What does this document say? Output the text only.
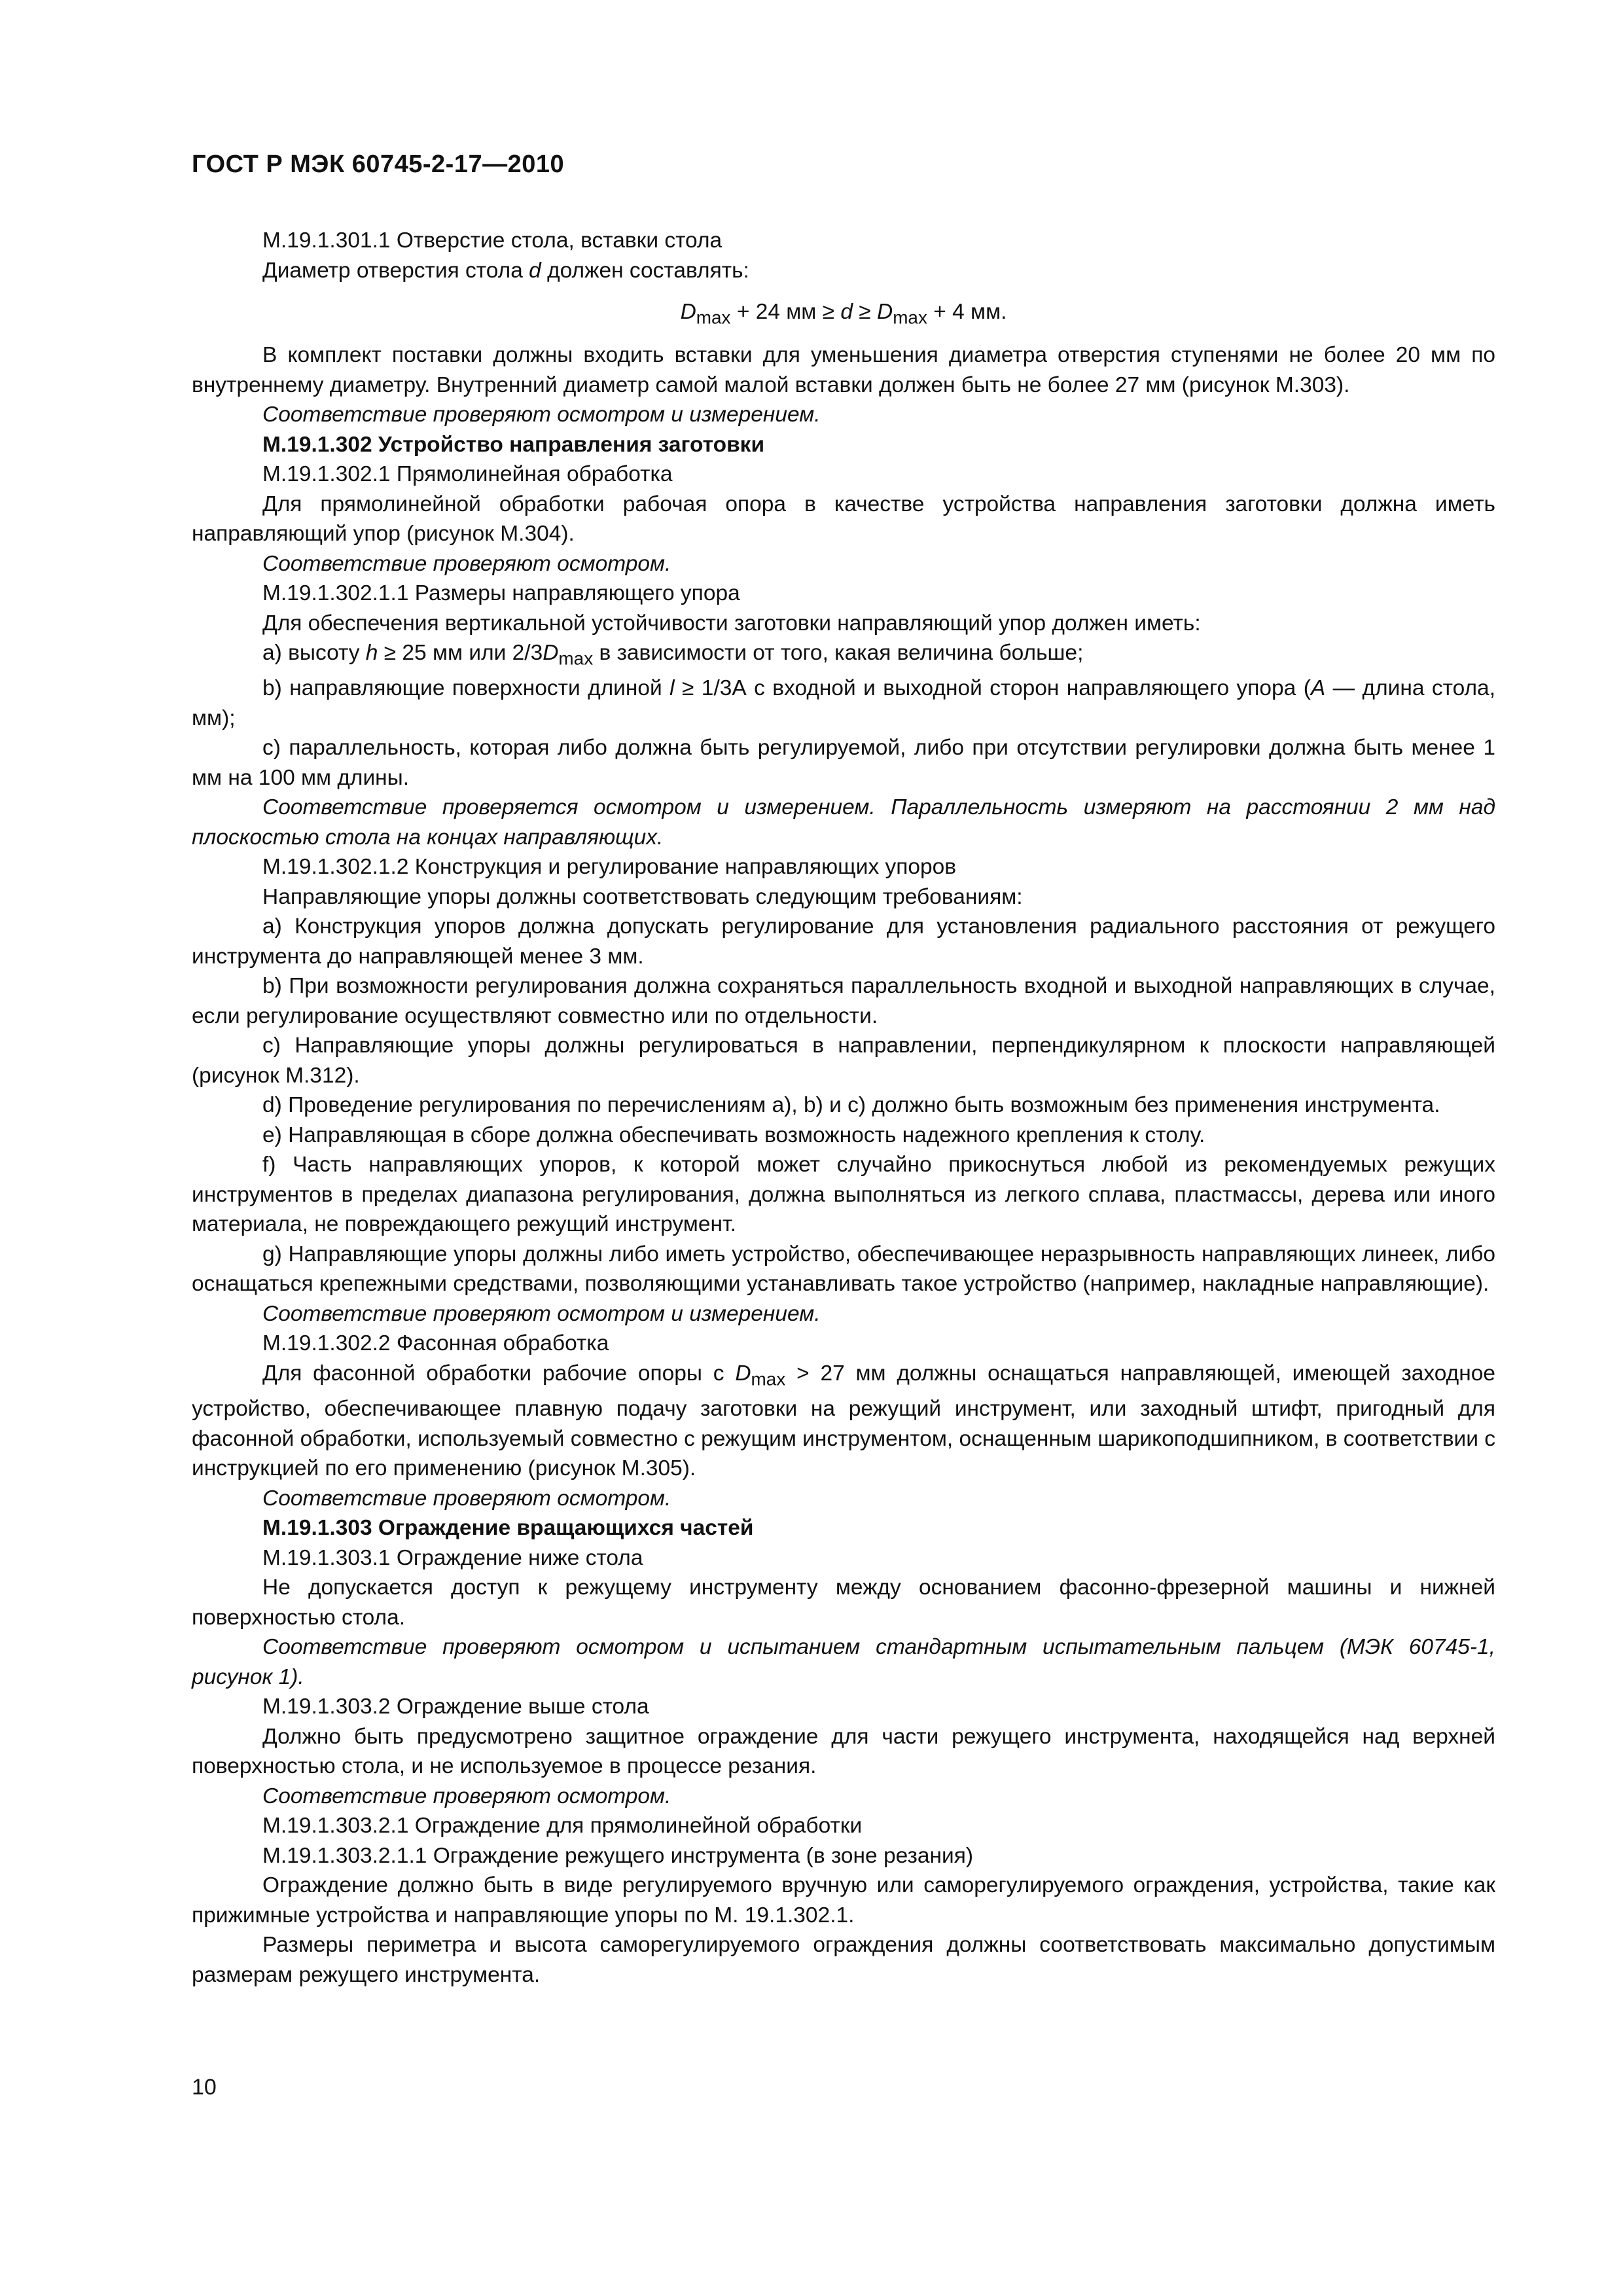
ГОСТ Р МЭК 60745-2-17—2010

М.19.1.301.1 Отверстие стола, вставки стола

Диаметр отверстия стола d должен составлять:

$D_{max} + 24$ мм ≥ $d \ge D_{max} + 4$ мм.

В комплект поставки должны входить вставки для уменьшения диаметра отверстия ступенями не более 20 мм по внутреннему диаметру. Внутренний диаметр самой малой вставки должен быть не более 27 мм (рисунок М.303).

Соответствие проверяют осмотром и измерением.

М.19.1.302 Устройство направления заготовки

М.19.1.302.1 Прямолинейная обработка

Для прямолинейной обработки рабочая опора в качестве устройства направления заготовки должна иметь направляющий упор (рисунок М.304).

Соответствие проверяют осмотром.

М.19.1.302.1.1 Размеры направляющего упора

Для обеспечения вертикальной устойчивости заготовки направляющий упор должен иметь:

a) высоту h ≥ 25 мм или $2/3D_{max}$ в зависимости от того, какая величина больше;

b) направляющие поверхности длиной l ≥ 1/3А с входной и выходной сторон направляющего упора (А — длина стола, мм);

c) параллельность, которая либо должна быть регулируемой, либо при отсутствии регулировки должна быть менее 1 мм на 100 мм длины.

Соответствие проверяется осмотром и измерением. Параллельность измеряют на расстоянии 2 мм над плоскостью стола на концах направляющих.

М.19.1.302.1.2 Конструкция и регулирование направляющих упоров

Направляющие упоры должны соответствовать следующим требованиям:

a) Конструкция упоров должна допускать регулирование для установления радиального расстояния от режущего инструмента до направляющей менее 3 мм.

b) При возможности регулирования должна сохраняться параллельность входной и выходной направляющих в случае, если регулирование осуществляют совместно или по отдельности.

c) Направляющие упоры должны регулироваться в направлении, перпендикулярном к плоскости направляющей (рисунок М.312).

d) Проведение регулирования по перечислениям а), b) и c) должно быть возможным без применения инструмента.

e) Направляющая в сборе должна обеспечивать возможность надежного крепления к столу.

f) Часть направляющих упоров, к которой может случайно прикоснуться любой из рекомендуемых режущих инструментов в пределах диапазона регулирования, должна выполняться из легкого сплава, пластмассы, дерева или иного материала, не повреждающего режущий инструмент.

g) Направляющие упоры должны либо иметь устройство, обеспечивающее неразрывность направляющих линеек, либо оснащаться крепежными средствами, позволяющими устанавливать такое устройство (например, накладные направляющие).

Соответствие проверяют осмотром и измерением.

М.19.1.302.2 Фасонная обработка

Для фасонной обработки рабочие опоры с $D_{max} > 27$ мм должны оснащаться направляющей, имеющей заходное устройство, обеспечивающее плавную подачу заготовки на режущий инструмент, или заходный штифт, пригодный для фасонной обработки, используемый совместно с режущим инструментом, оснащенным шарикоподшипником, в соответствии с инструкцией по его применению (рисунок М.305).

Соответствие проверяют осмотром.

М.19.1.303 Ограждение вращающихся частей

М.19.1.303.1 Ограждение ниже стола

Не допускается доступ к режущему инструменту между основанием фасонно-фрезерной машины и нижней поверхностью стола.

Соответствие проверяют осмотром и испытанием стандартным испытательным пальцем (МЭК 60745-1, рисунок 1).

М.19.1.303.2 Ограждение выше стола

Должно быть предусмотрено защитное ограждение для части режущего инструмента, находящейся над верхней поверхностью стола, и не используемое в процессе резания.

Соответствие проверяют осмотром.

М.19.1.303.2.1 Ограждение для прямолинейной обработки

М.19.1.303.2.1.1 Ограждение режущего инструмента (в зоне резания)

Ограждение должно быть в виде регулируемого вручную или саморегулируемого ограждения, устройства, такие как прижимные устройства и направляющие упоры по М. 19.1.302.1.

Размеры периметра и высота саморегулируемого ограждения должны соответствовать максимально допустимым размерам режущего инструмента.

10
